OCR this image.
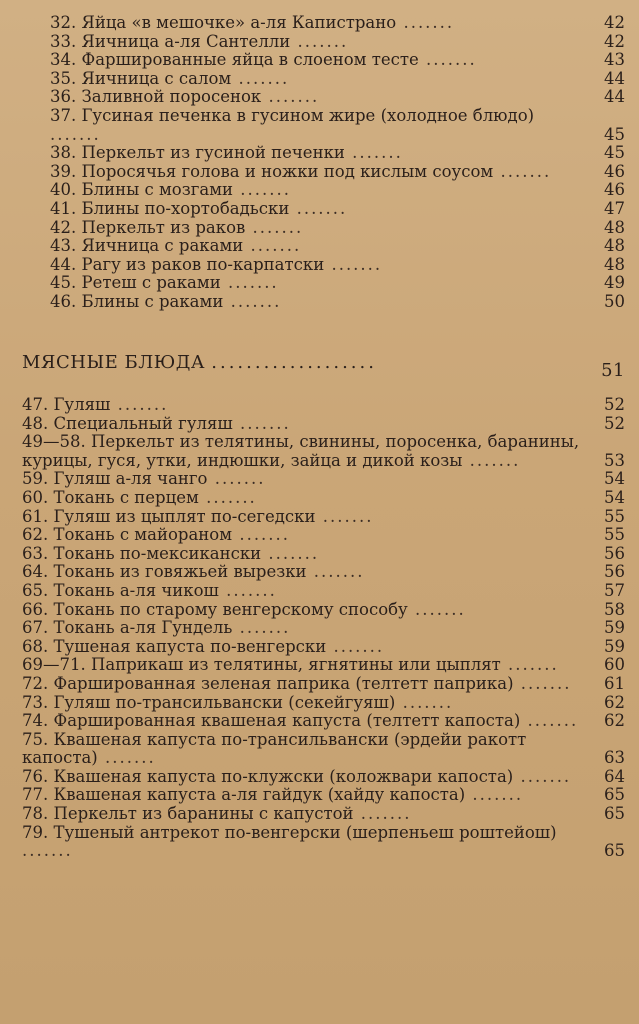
32. Яйца «в мешочке» а-ля Капистрано .......	42
33. Яичница а-ля Сантелли .......	42
34. Фаршированные яйца в слоеном тесте .......	43
35. Яичница с салом .......	44
36. Заливной поросенок .......	44
37. Гусиная печенка в гусином жире (холодное блюдо) .......	45
38. Перкельт из гусиной печенки .......	45
39. Поросячья голова и ножки под кислым соусом .......	46
40. Блины с мозгами .......	46
41. Блины по-хортобадьски .......	47
42. Перкельт из раков .......	48
43. Яичница с раками .......	48
44. Рагу из раков по-карпатски .......	48
45. Ретеш с раками .......	49
46. Блины с раками .......	50
МЯСНЫЕ БЛЮДА ...................	51
47. Гуляш .......	52
48. Специальный гуляш .......	52
49—58. Перкельт из телятины, свинины, поросенка, баранины, курицы, гуся, утки, индюшки, зайца и дикой козы .......	53
59. Гуляш а-ля чанго .......	54
60. Токань с перцем .......	54
61. Гуляш из цыплят по-сегедски .......	55
62. Токань с майораном .......	55
63. Токань по-мексикански .......	56
64. Токань из говяжьей вырезки .......	56
65. Токань а-ля чикош .......	57
66. Токань по старому венгерскому способу .......	58
67. Токань а-ля Гундель .......	59
68. Тушеная капуста по-венгерски .......	59
69—71. Паприкаш из телятины, ягнятины или цыплят .......	60
72. Фаршированная зеленая паприка (телтетт паприка) .......	61
73. Гуляш по-трансильвански (секейгуяш) .......	62
74. Фаршированная квашеная капуста (телтетт капоста) .......	62
75. Квашеная капуста по-трансильвански (эрдейи ракотт капоста) .......	63
76. Квашеная капуста по-клужски (коложвари капоста) .......	64
77. Квашеная капуста а-ля гайдук (хайду капоста) .......	65
78. Перкельт из баранины с капустой .......	65
79. Тушеный антрекот по-венгерски (шерпеньеш роштейош) .......	65
